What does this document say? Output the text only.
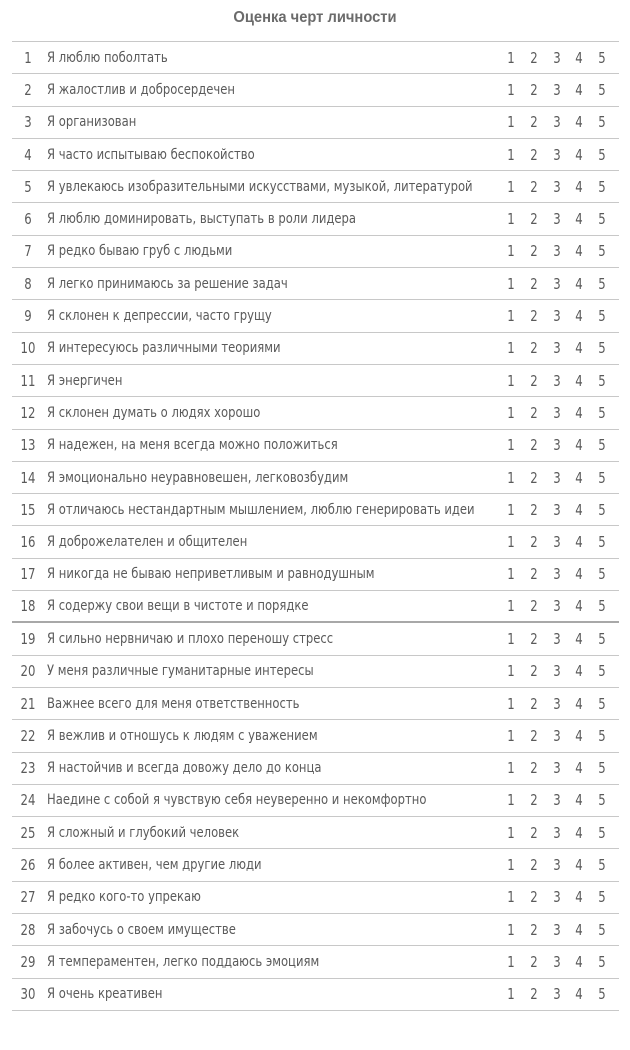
Оценка черт личности
1	Я люблю поболтать	1 2 3 4 5
2	Я жалостлив и добросердечен	1 2 3 4 5
3	Я организован	1 2 3 4 5
4	Я часто испытываю беспокойство	1 2 3 4 5
5	Я увлекаюсь изобразительными искусствами, музыкой, литературой 1 2 3 4 5
6	Я люблю доминировать, выступать в роли лидера	1 2 3 4 5
7	Я редко бываю груб с людьми	1 2 3 4 5
8	Я легко принимаюсь за решение задач	1 2 3 4 5
9	Я склонен к депрессии, часто грущу	1 2 3 4 5
10 Я интересуюсь различными теориями	1 2 3 4 5
11 Я энергичен	1 2 3 4 5
12 Я склонен думать о людях хорошо	1 2 3 4 5
13 Я надежен, на меня всегда можно положиться	1 2 3 4 5
14 Я эмоционально неуравновешен, легковозбудим	1 2 3 4 5
15 Я отличаюсь нестандартным мышлением, люблю генерировать идеи 1 2 3 4 5
16 Я доброжелателен и общителен	1 2 3 4 5
17 Я никогда не бываю неприветливым и равнодушным	1 2 3 4 5
18 Я содержу свои вещи в чистоте и порядке	1 2 3 4 5
19 Я сильно нервничаю и плохо переношу стресс	1 2 3 4 5
20 У меня различные гуманитарные интересы	1 2 3 4 5
21 Важнее всего для меня ответственность	1 2 3 4 5
22 Я вежлив и отношусь к людям с уважением	1 2 3 4 5
23 Я настойчив и всегда довожу дело до конца	1 2 3 4 5
24 Наедине с собой я чувствую себя неуверенно и некомфортно	1 2 3 4 5
25 Я сложный и глубокий человек	1 2 3 4 5
26 Я более активен, чем другие люди	1 2 3 4 5
27 Я редко кого-то упрекаю	1 2 3 4 5
28 Я забочусь о своем имуществе	1 2 3 4 5
29 Я темпераментен, легко поддаюсь эмоциям	1 2 3 4 5
30 Я очень креативен	1 2 3 4 5
